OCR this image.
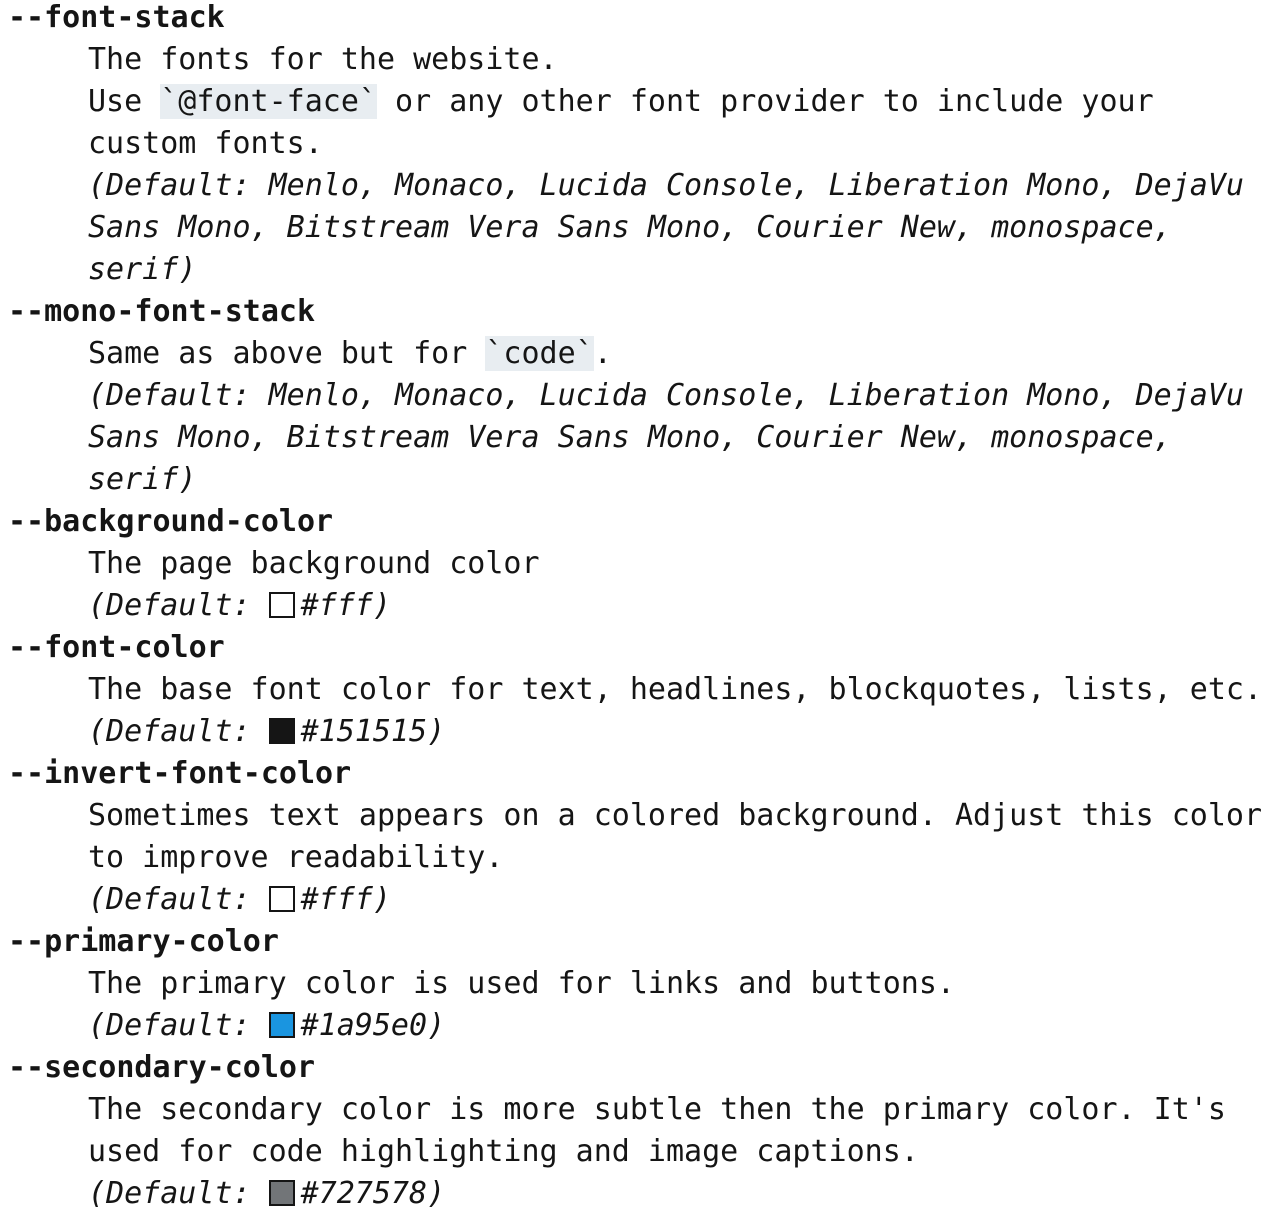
--font-stack
The fonts for the website.
Use `@font-face` or any other font provider to include your custom fonts.
(Default: Menlo, Monaco, Lucida Console, Liberation Mono, DejaVu Sans Mono, Bitstream Vera Sans Mono, Courier New, monospace, serif)
--mono-font-stack
Same as above but for `code`.
(Default: Menlo, Monaco, Lucida Console, Liberation Mono, DejaVu Sans Mono, Bitstream Vera Sans Mono, Courier New, monospace, serif)
--background-color
The page background color
(Default: #fff)
--font-color
The base font color for text, headlines, blockquotes, lists, etc.
(Default: #151515)
--invert-font-color
Sometimes text appears on a colored background. Adjust this color to improve readability.
(Default: #fff)
--primary-color
The primary color is used for links and buttons.
(Default: #1a95e0)
--secondary-color
The secondary color is more subtle then the primary color. It's used for code highlighting and image captions.
(Default: #727578)
